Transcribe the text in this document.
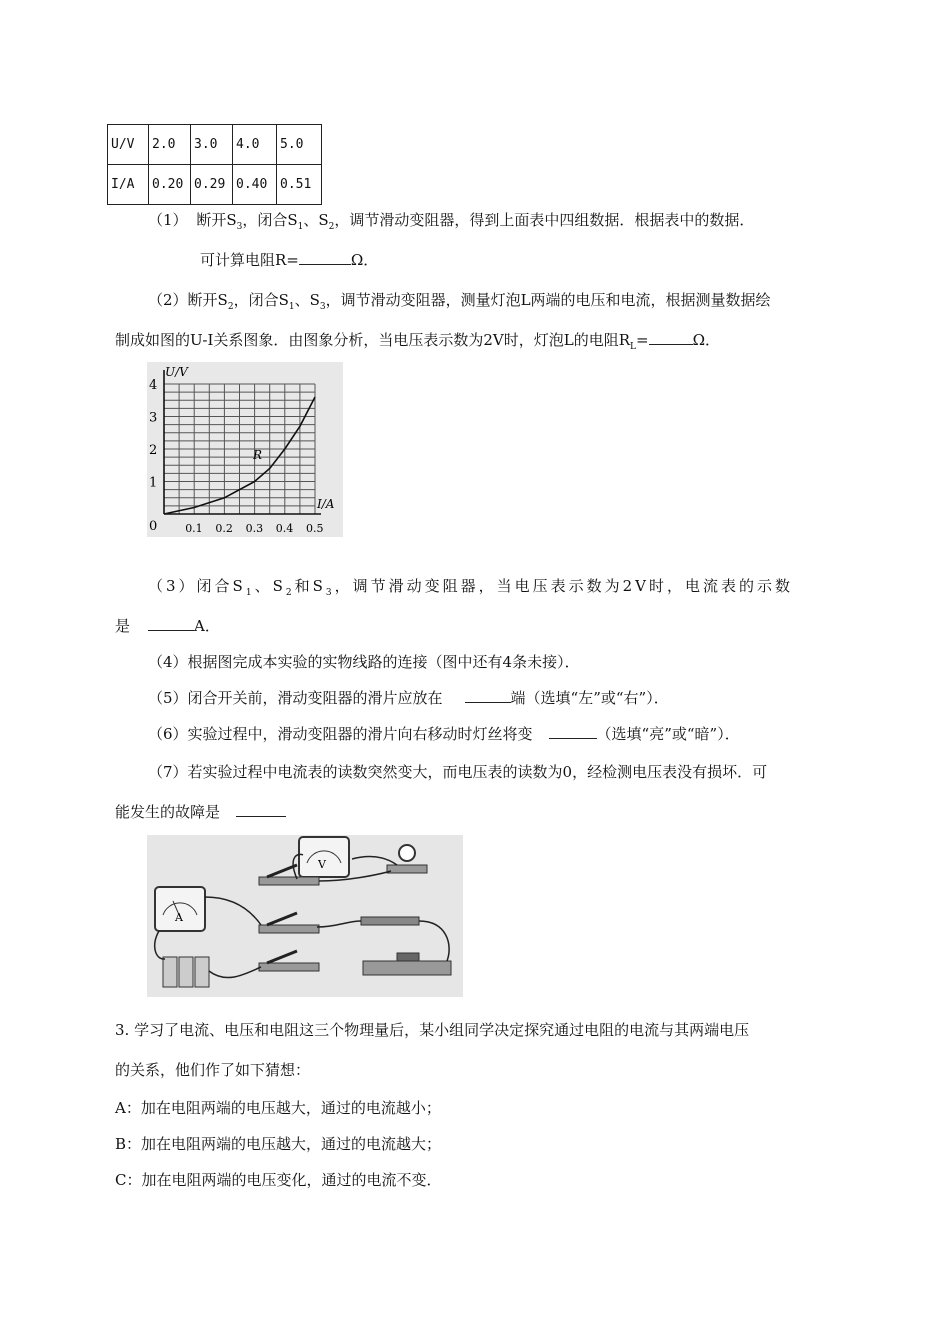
U/V	2.0	3.0	4.0	5.0
I/A	0.20	0.29	0.40	0.51
（1） 断开$S_3$，闭合$S_1$、$S_2$，调节滑动变阻器，得到上面表中四组数据．根据表中的数据．
可计算电阻R=	Ω．
（2）断开$S_2$，闭合$S_1$、$S_3$，调节滑动变阻器，测量灯泡L两端的电压和电流，根据测量数据绘
制成如图的U-I关系图象．由图象分析，当电压表示数为2V时，灯泡L的电阻$R_L=$	Ω．
1
2
3
4
0.1 0.2 0.3 0.4 0.5
U/V
I/A
0
R
（3）闭合$S_1$、$S_2$和$S_3$，调节滑动变阻器，当电压表示数为2V时，电流表的示数
是	A．
（4）根据图完成本实验的实物线路的连接（图中还有4条未接）．
（5）闭合开关前，滑动变阻器的滑片应放在	端（选填“左”或“右”）．
（6）实验过程中，滑动变阻器的滑片向右移动时灯丝将变	（选填“亮”或“暗”）．
（7）若实验过程中电流表的读数突然变大，而电压表的读数为0，经检测电压表没有损坏．可
能发生的故障是
A
V
3. 学习了电流、电压和电阻这三个物理量后，某小组同学决定探究通过电阻的电流与其两端电压
的关系，他们作了如下猜想：
A：加在电阻两端的电压越大，通过的电流越小；
B：加在电阻两端的电压越大，通过的电流越大；
C：加在电阻两端的电压变化，通过的电流不变．
